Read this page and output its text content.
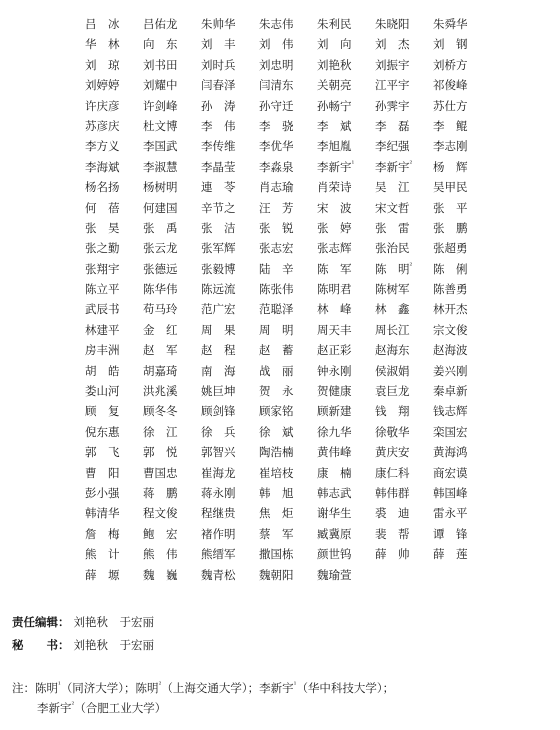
吕　冰	吕佑龙	朱帅华	朱志伟	朱利民	朱晓阳	朱舜华
华　林	向　东	刘　丰	刘　伟	刘　向	刘　杰	刘　钢
刘　琼	刘书田	刘时兵	刘忠明	刘艳秋	刘振宇	刘桥方
刘婷婷	刘耀中	闫春泽	闫清东	关朝亮	江平宇	祁俊峰
许庆彦	许剑峰	孙　涛	孙守迁	孙畅宁	孙霁宇	苏仕方
苏彦庆	杜文博	李　伟	李　骁	李　斌	李　磊	李　鲲
李方义	李国武	李传维	李优华	李旭胤	李纪强	李志刚
李海斌	李淑慧	李晶莹	李淼泉	李新宇$^{^1}$	李新宇$^{^2}$	杨　辉
杨名扬	杨树明	連　苓	肖志瑜	肖荣诗	吴　江	吴甲民
何　蓓	何建国	辛节之	汪　芳	宋　波	宋文哲	张　平
张　昊	张　禹	张　洁	张　锐	张　婷	张　雷	张　鹏
张之勤	张云龙	张军辉	张志宏	张志辉	张治民	张超勇
张翔宇	张德远	张毅博	陆　辛	陈　军	陈　明$^{^2}$	陈　俐
陈立平	陈华伟	陈远流	陈张伟	陈明君	陈树军	陈善勇
武辰书	苟马玲	范广宏	范聪泽	林　峰	林　鑫	林开杰
林建平	金　红	周　果	周　明	周天丰	周长江	宗文俊
房丰洲	赵　军	赵　程	赵　蓄	赵正彩	赵海东	赵海波
胡　皓	胡嘉琦	南　海	战　丽	钟永刚	侯淑娟	姜兴刚
娄山河	洪兆溪	姚巨坤	贺　永	贺健康	袁巨龙	秦卓新
顾　复	顾冬冬	顾剑锋	顾家铭	顾新建	钱　翔	钱志辉
倪东惠	徐　江	徐　兵	徐　斌	徐九华	徐敬华	栾国宏
郭　飞	郭　悦	郭智兴	陶浩楠	黄伟峰	黄庆安	黄海鸿
曹　阳	曹国忠	崔海龙	崔培枝	康　楠	康仁科	商宏谟
彭小强	蒋　鹏	蒋永刚	韩　旭	韩志武	韩伟群	韩国峰
韩清华	程文俊	程继贵	焦　炬	谢华生	裘　迪	雷永平
詹　梅	鲍　宏	褚作明	蔡　军	臧冀原	裴　帮	谭　锋
熊　计	熊　伟	熊缙军	撒国栋	颜世钨	薛　帅	薛　莲
薛　塬	魏　巍	魏青松	魏朝阳	魏瑜萱
责任编辑： 刘艳秋　于宏丽
秘　　书： 刘艳秋　于宏丽
注：陈明$^{^1}$（同济大学）；陈明$^{^2}$（上海交通大学）；李新宇$^{^1}$（华中科技大学）；
李新宇$^{^2}$（合肥工业大学）
